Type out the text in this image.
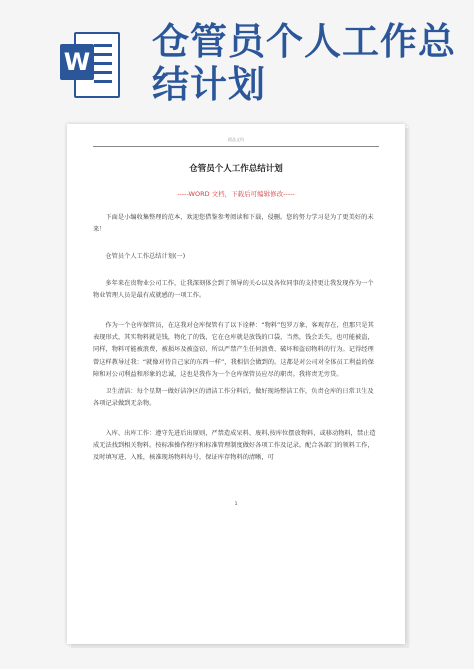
W 仓管员个人工作总
结计划
精品文档
仓管员个人工作总结计划
-----WORD 文档，下载后可编辑修改-----

下面是小编收集整理的范本，欢迎您借鉴参考阅读和下载，侵删。您的努力学习是为了更美好的未来！

仓管员个人工作总结计划(一)

多年来在贵物业公司工作，让我深刻体会到了领导的关心以及各位同事的支持更让我发现作为一个物业管理人员是最有成就感的一项工作。

作为一个仓库保管员，在这我对仓库保管有了以下诠释：“物料”包罗万象，客观存在，但那只是其表现形式，其实物料就是钱，物化了的钱，它在仓库就是放钱的口袋，当然，钱会丢失，也可能被盗，同样，物料可能被浪费，被损坏及被盗窃，所以严禁产生任何浪费、破坏和盗窃物料的行为。记得经理曾这样教导过我：“就像对待自己家的东西一样”，我相信会做到的。这都是对公司对全体员工利益的保障和对公司利益和形象的忠诚，这也是我作为一个仓库保管员应尽的职责。我将责无旁贷。

卫生清洁：每个星期一做好洁净区的清洁工作分料后，做好现场整洁工作，负责仓库的日常卫生及各项记录做到无杂物。

入库、出库工作：遵守先进后出原则，严禁造成呆料、废料,按库位摆放物料，或移动物料，禁止造成无法找到相关物料。按标准操作程序和标准管理制度做好各项工作及记录。配合各部门的领料工作，及时填写进、入账，核准现场物料每号，保证库存物料的清晰，可

1
